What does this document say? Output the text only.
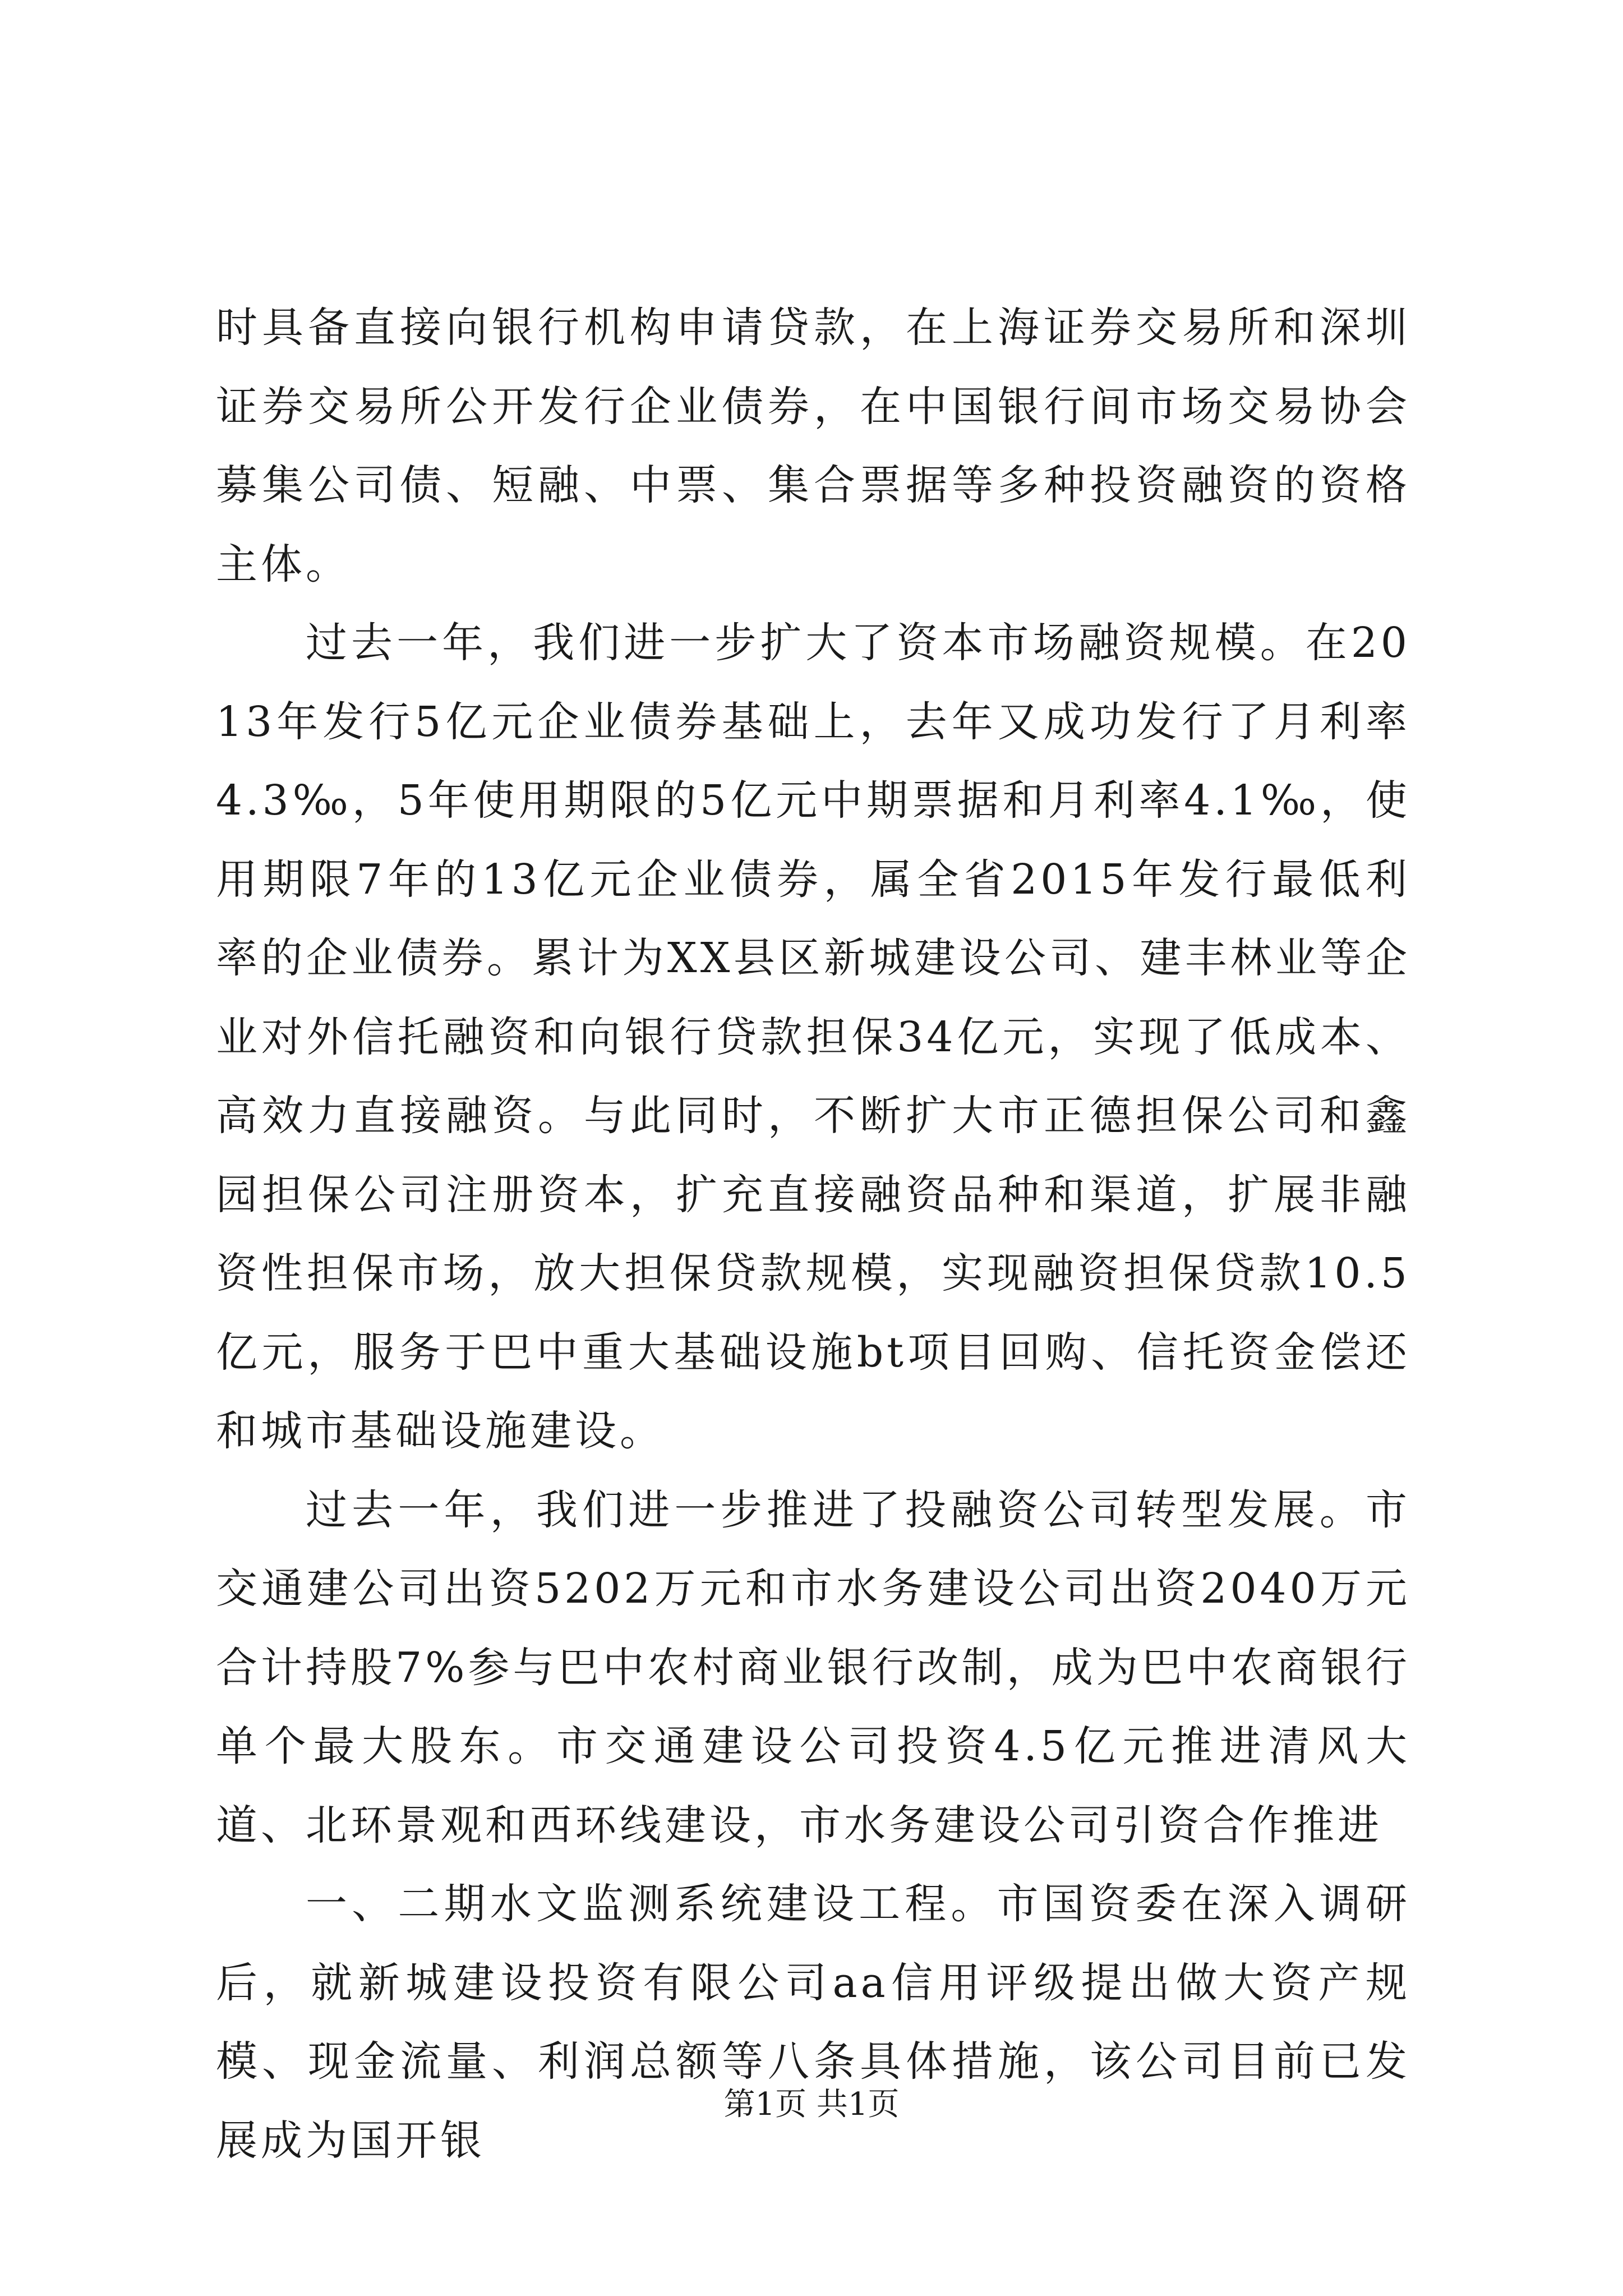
时具备直接向银行机构申请贷款，在上海证券交易所和深圳证券交易所公开发行企业债券，在中国银行间市场交易协会募集公司债、短融、中票、集合票据等多种投资融资的资格主体。

过去一年，我们进一步扩大了资本市场融资规模。在2013年发行5亿元企业债券基础上，去年又成功发行了月利率4.3‰，5年使用期限的5亿元中期票据和月利率4.1‰，使用期限7年的13亿元企业债券，属全省2015年发行最低利率的企业债券。累计为XX县区新城建设公司、建丰林业等企业对外信托融资和向银行贷款担保34亿元，实现了低成本、高效力直接融资。与此同时，不断扩大市正德担保公司和鑫园担保公司注册资本，扩充直接融资品种和渠道，扩展非融资性担保市场，放大担保贷款规模，实现融资担保贷款10.5亿元，服务于巴中重大基础设施bt项目回购、信托资金偿还和城市基础设施建设。

过去一年，我们进一步推进了投融资公司转型发展。市交通建公司出资5202万元和市水务建设公司出资2040万元合计持股7%参与巴中农村商业银行改制，成为巴中农商银行单个最大股东。市交通建设公司投资4.5亿元推进清风大道、北环景观和西环线建设，市水务建设公司引资合作推进

一、二期水文监测系统建设工程。市国资委在深入调研后，就新城建设投资有限公司aa信用评级提出做大资产规模、现金流量、利润总额等八条具体措施，该公司目前已发展成为国开银

第1页 共1页
